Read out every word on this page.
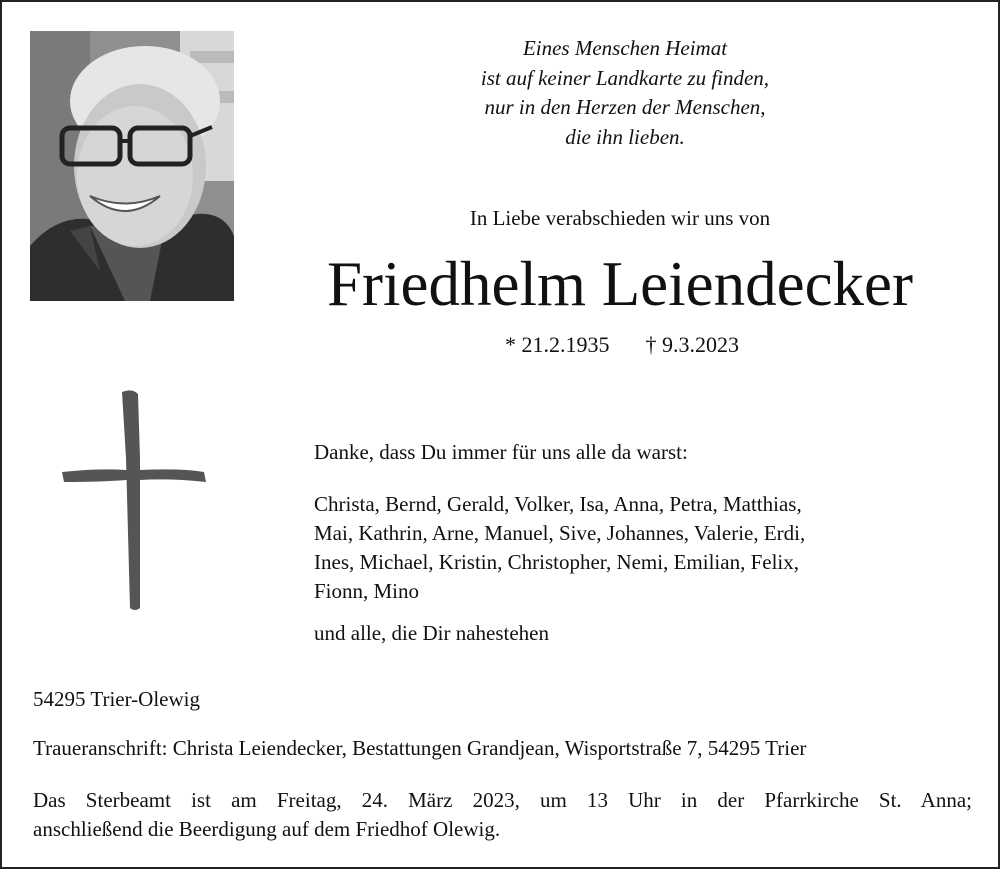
Eines Menschen Heimat
ist auf keiner Landkarte zu finden,
nur in den Herzen der Menschen,
die ihn lieben.
In Liebe verabschieden wir uns von
Friedhelm Leiendecker
* 21.2.1935 † 9.3.2023
Danke, dass Du immer für uns alle da warst:
Christa, Bernd, Gerald, Volker, Isa, Anna, Petra, Matthias,
Mai, Kathrin, Arne, Manuel, Sive, Johannes, Valerie, Erdi,
Ines, Michael, Kristin, Christopher, Nemi, Emilian, Felix,
Fionn, Mino
und alle, die Dir nahestehen
54295 Trier-Olewig
Traueranschrift: Christa Leiendecker, Bestattungen Grandjean, Wisportstraße 7, 54295 Trier
Das Sterbeamt ist am Freitag, 24. März 2023, um 13 Uhr in der Pfarrkirche St. Anna;
anschließend die Beerdigung auf dem Friedhof Olewig.
